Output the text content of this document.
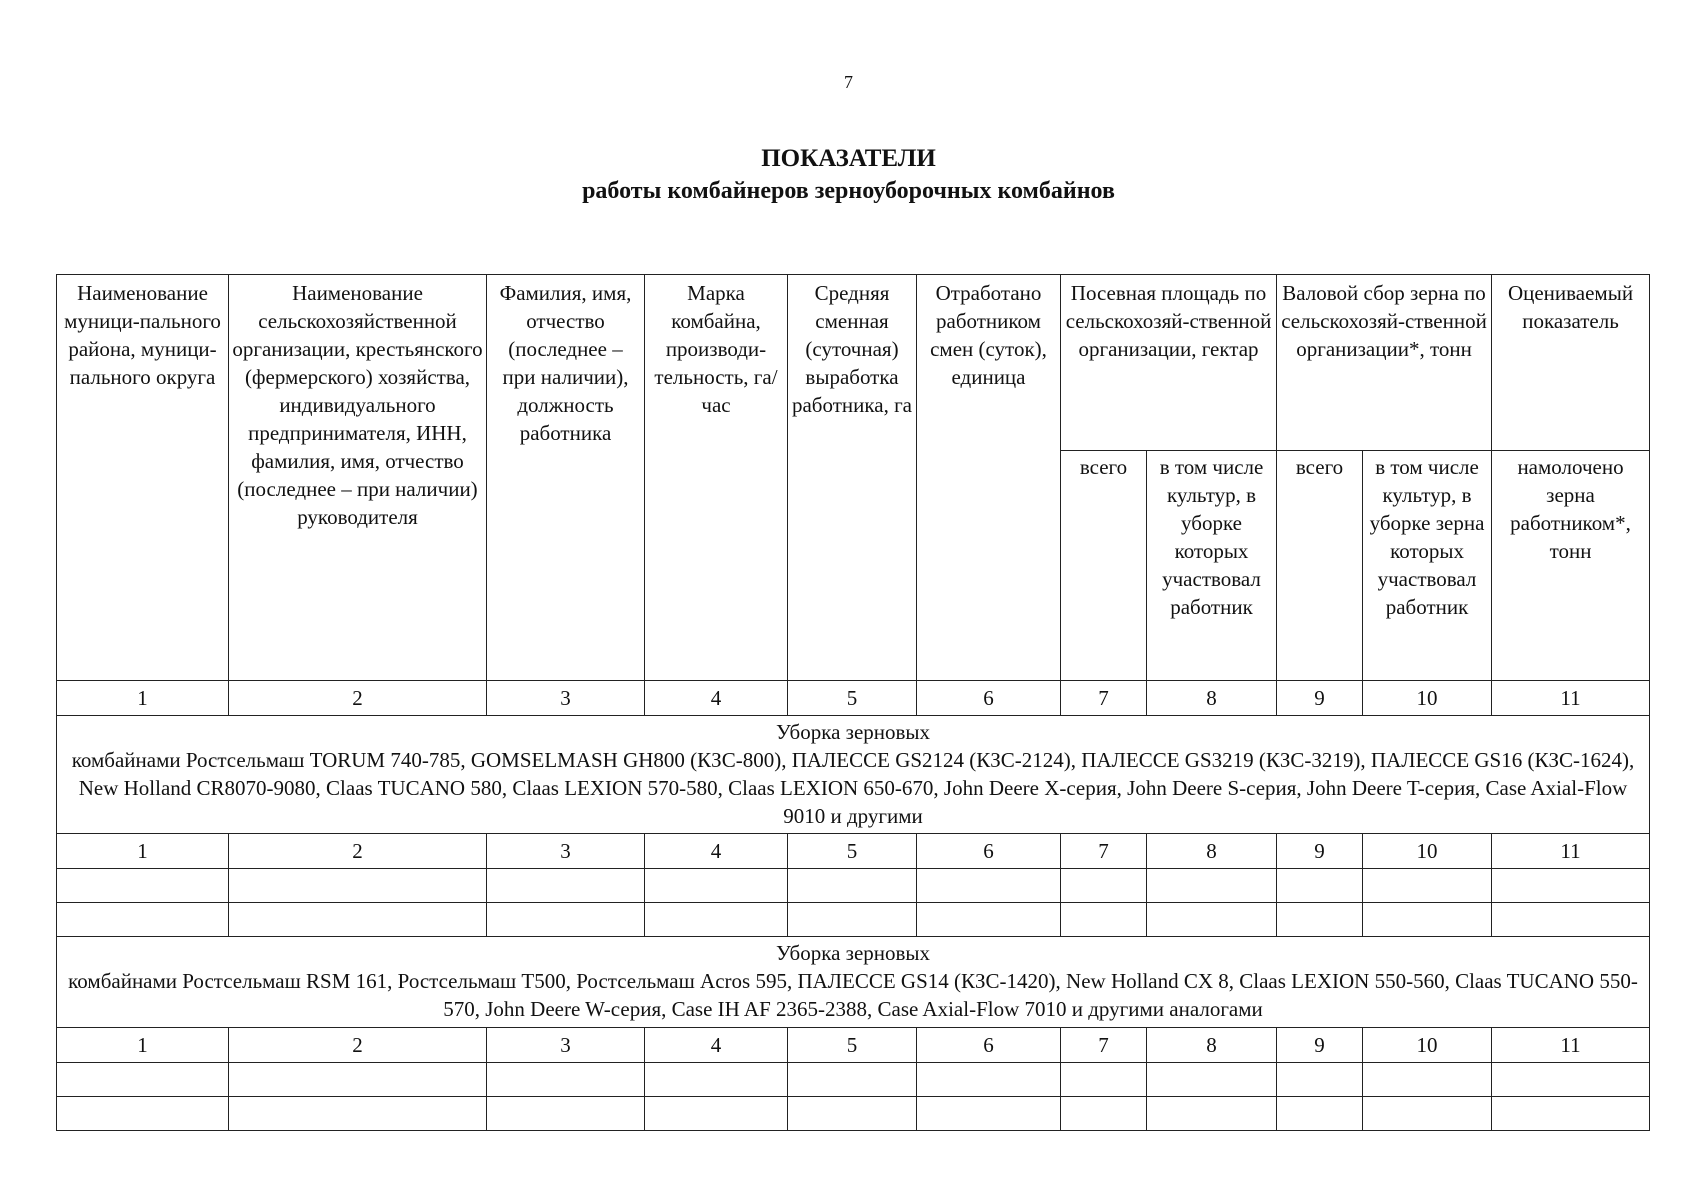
7
ПОКАЗАТЕЛИ
работы комбайнеров зерноуборочных комбайнов
Наименование муници-пального района, муници-пального округа	Наименование сельскохозяйственной организации, крестьянского (фермерского) хозяйства, индивидуального предпринимателя, ИНН, фамилия, имя, отчество (последнее – при наличии) руководителя	Фамилия, имя, отчество (последнее – при наличии), должность работника	Марка комбайна, производи-тельность, га/час	Средняя сменная (суточная) выработка работника, га	Отработано работником смен (суток), единица	Посевная площадь по сельскохозяй-ственной организации, гектар		Валовой сбор зерна по сельскохозяй-ственной организации*, тонн		Оцениваемый показатель
						всего	в том числе культур, в уборке которых участвовал работник	всего	в том числе культур, в уборке зерна которых участвовал работник	намолочено зерна работником*, тонн
1	2	3	4	5	6	7	8	9	10	11

Уборка зерновых
комбайнами Ростсельмаш TORUM 740-785, GOMSELMASH GH800 (КЗС-800), ПАЛЕССЕ GS2124 (КЗС-2124), ПАЛЕССЕ GS3219 (КЗС-3219), ПАЛЕССЕ GS16 (КЗС-1624), New Holland CR8070-9080, Claas TUCANO 580, Claas LEXION 570-580, Claas LEXION 650-670, John Deere X-серия, John Deere S-серия, John Deere T-серия, Case Axial-Flow 9010 и другими										

1	2	3	4	5	6	7	8	9	10	11

Уборка зерновых
комбайнами Ростсельмаш RSM 161, Ростсельмаш T500, Ростсельмаш Acros 595, ПАЛЕССЕ GS14 (КЗС-1420), New Holland CX 8, Claas LEXION 550-560, Claas TUCANO 550-570, John Deere W-серия, Case IH AF 2365-2388, Case Axial-Flow 7010 и другими аналогами										

1	2	3	4	5	6	7	8	9	10	11
